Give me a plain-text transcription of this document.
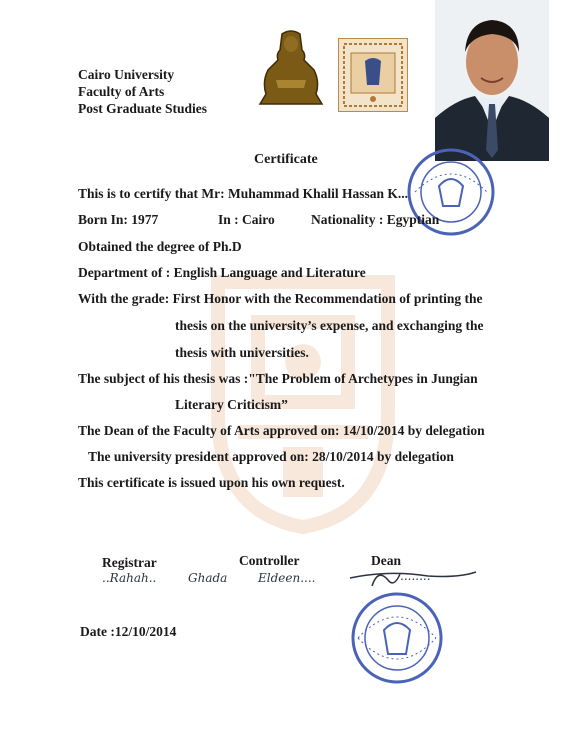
Cairo University
Faculty of Arts
Post Graduate Studies
Certificate
This is to certify that Mr: Muhammad Khalil Hassan K...
Born In: 1977	In : Cairo	Nationality : Egyptian
Obtained the degree of Ph.D
Department of : English Language and Literature
With the grade: First Honor with the Recommendation of printing the
thesis on the university’s expense, and exchanging the
thesis with universities.
The subject of his thesis was :"The Problem of Archetypes in Jungian
Literary Criticism”
The Dean of the Faculty of Arts approved on: 14/10/2014 by delegation
The university president approved on: 28/10/2014 by delegation
This certificate is issued upon his own request.
Registrar	Controller	Dean
..Rahah..	Ghada	Eldeen....	........
Date :12/10/2014
